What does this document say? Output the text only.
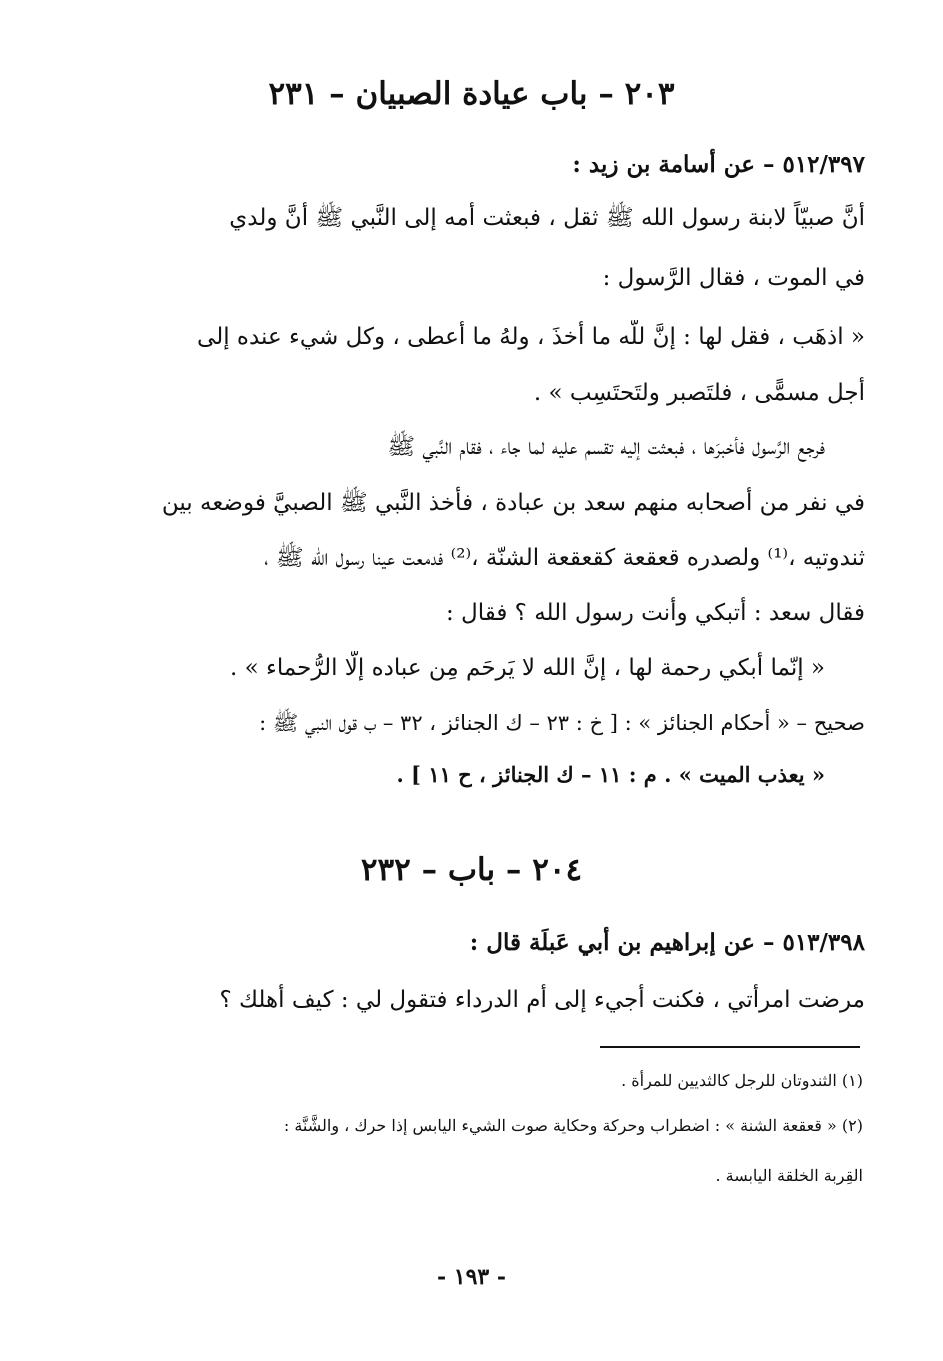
٢٠٣ – باب عيادة الصبيان – ٢٣١
٥١٢/٣٩٧ – عن أسامة بن زيد :
أنَّ صبيّاً لابنة رسول الله ﷺ ثقل ، فبعثت أمه إلى النَّبي ﷺ أنَّ ولدي
في الموت ، فقال الرَّسول :
« اذهَب ، فقل لها : إنَّ للّه ما أخذَ ، ولهُ ما أعطى ، وكل شيء عنده إلى
أجل مسمًّى ، فلتَصبر ولتَحتَسِب » .
فرجع الرَّسول فأخبرَها ، فبعثت إليه تقسم عليه لما جاء ، فقام النَّبي ﷺ
في نفر من أصحابه منهم سعد بن عبادة ، فأخذ النَّبي ﷺ الصبيَّ فوضعه بين
ثندوتيه ،⁽¹⁾ ولصدره قعقعة كقعقعة الشنّة ،⁽²⁾ فدمعت عينا رسول الله ﷺ ،
فقال سعد : أتبكي وأنت رسول الله ؟ فقال :
« إنّما أبكي رحمة لها ، إنَّ الله لا يَرحَم مِن عباده إلّا الرُّحماء » .
صحيح – « أحكام الجنائز » : [ خ : ٢٣ – ك الجنائز ، ٣٢ – ب قول النبي ﷺ :
« يعذب الميت » . م : ١١ – ك الجنائز ، ح ١١ ] .
٢٠٤ – باب – ٢٣٢
٥١٣/٣٩٨ – عن إبراهيم بن أبي عَبلَة قال :
مرضت امرأتي ، فكنت أجيء إلى أم الدرداء فتقول لي : كيف أهلك ؟
(١) الثندوتان للرجل كالثديين للمرأة .
(٢) « قعقعة الشنة » : اضطراب وحركة وحكاية صوت الشيء اليابس إذا حرك ، والشَّنَّة :
القِربة الخلقة اليابسة .
- ١٩٣ -
